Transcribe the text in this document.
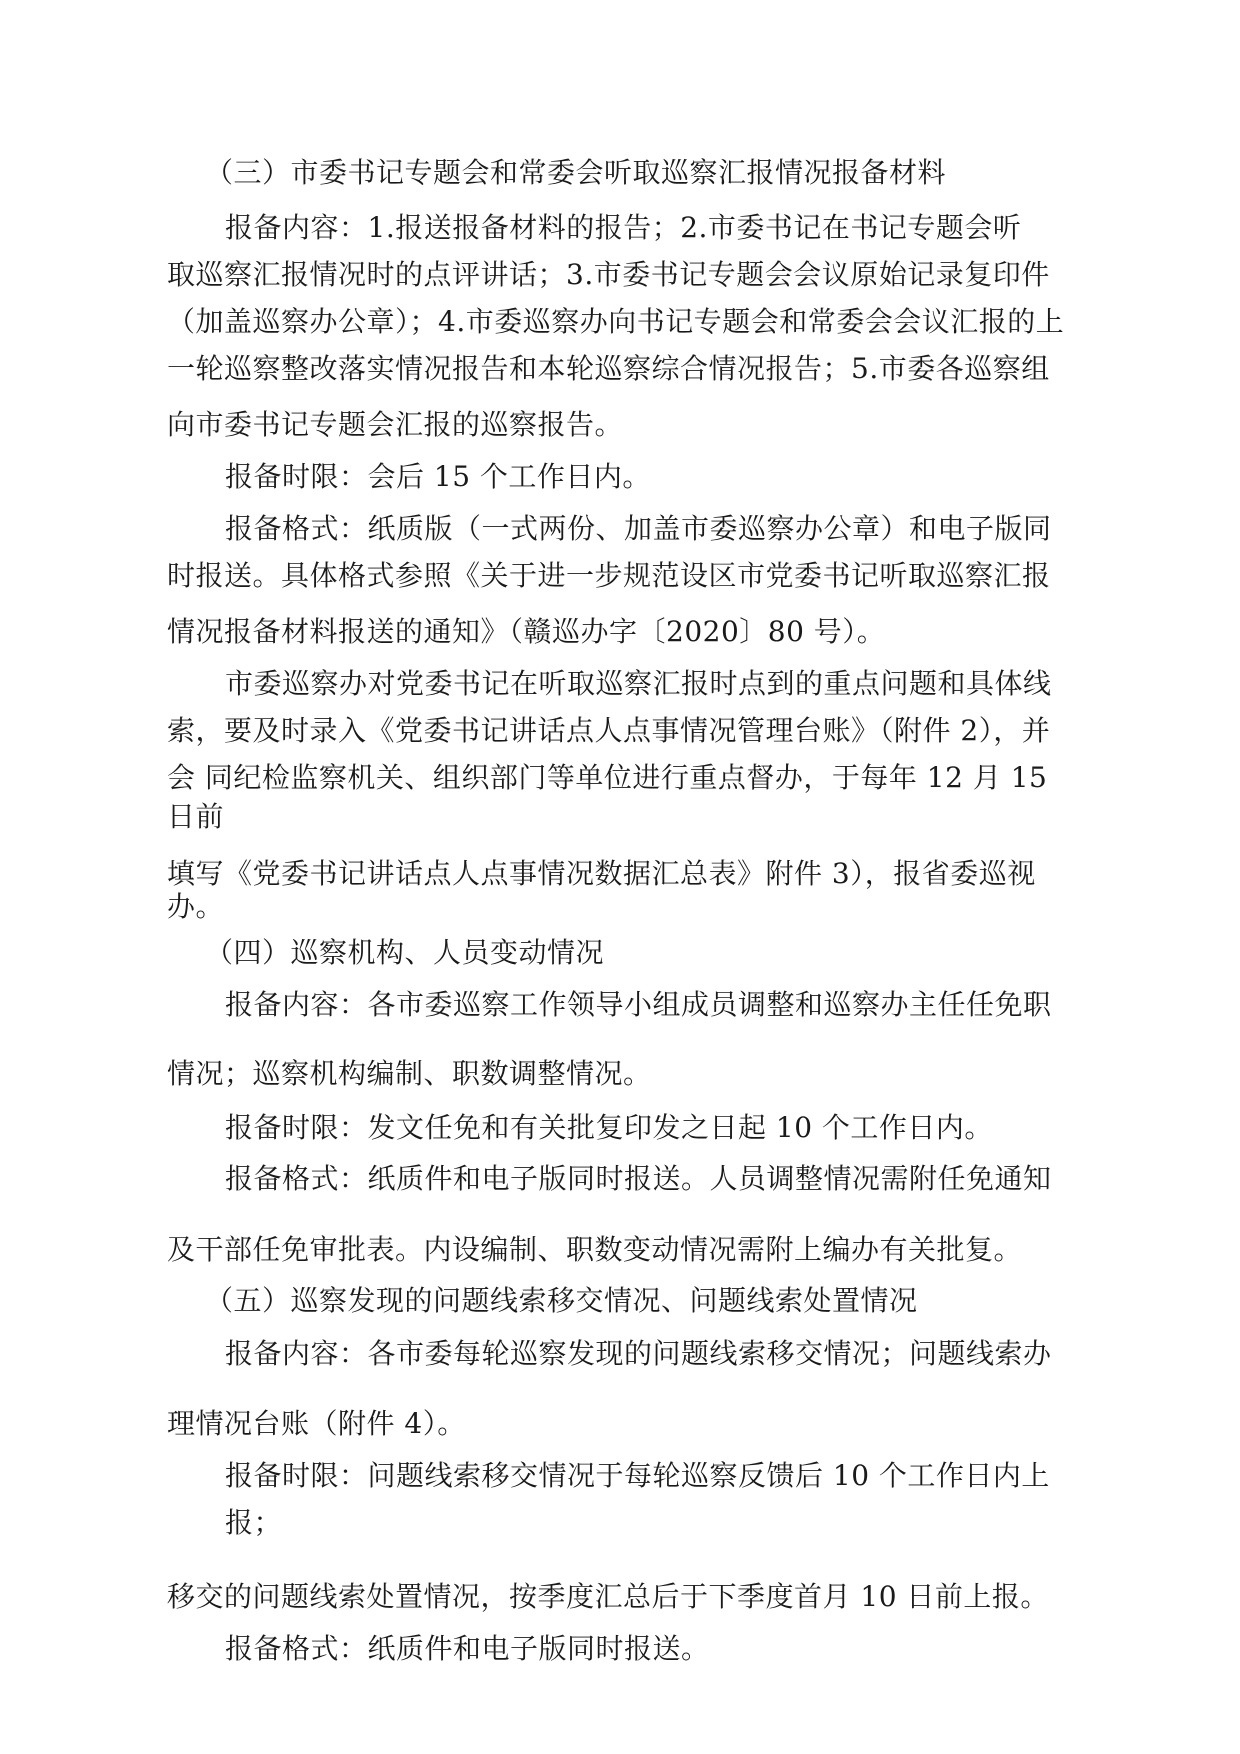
（三）市委书记专题会和常委会听取巡察汇报情况报备材料

报备内容：1.报送报备材料的报告；2.市委书记在书记专题会听

取巡察汇报情况时的点评讲话；3.市委书记专题会会议原始记录复印件

（加盖巡察办公章）；4.市委巡察办向书记专题会和常委会会议汇报的上

一轮巡察整改落实情况报告和本轮巡察综合情况报告；5.市委各巡察组

向市委书记专题会汇报的巡察报告。

报备时限：会后 15 个工作日内。

报备格式：纸质版（一式两份、加盖市委巡察办公章）和电子版同

时报送。具体格式参照《关于进一步规范设区市党委书记听取巡察汇报

情况报备材料报送的通知》（赣巡办字〔2020〕80 号）。

市委巡察办对党委书记在听取巡察汇报时点到的重点问题和具体线

索，要及时录入《党委书记讲话点人点事情况管理台账》（附件 2），并

会 同纪检监察机关、组织部门等单位进行重点督办，于每年 12 月 15

日前

填写《党委书记讲话点人点事情况数据汇总表》附件 3），报省委巡视

办。

（四）巡察机构、人员变动情况

报备内容：各市委巡察工作领导小组成员调整和巡察办主任任免职

情况；巡察机构编制、职数调整情况。

报备时限：发文任免和有关批复印发之日起 10 个工作日内。

报备格式：纸质件和电子版同时报送。人员调整情况需附任免通知

及干部任免审批表。内设编制、职数变动情况需附上编办有关批复。

（五）巡察发现的问题线索移交情况、问题线索处置情况

报备内容：各市委每轮巡察发现的问题线索移交情况；问题线索办

理情况台账（附件 4）。

报备时限：问题线索移交情况于每轮巡察反馈后 10 个工作日内上

报；

移交的问题线索处置情况，按季度汇总后于下季度首月 10 日前上报。

报备格式：纸质件和电子版同时报送。
